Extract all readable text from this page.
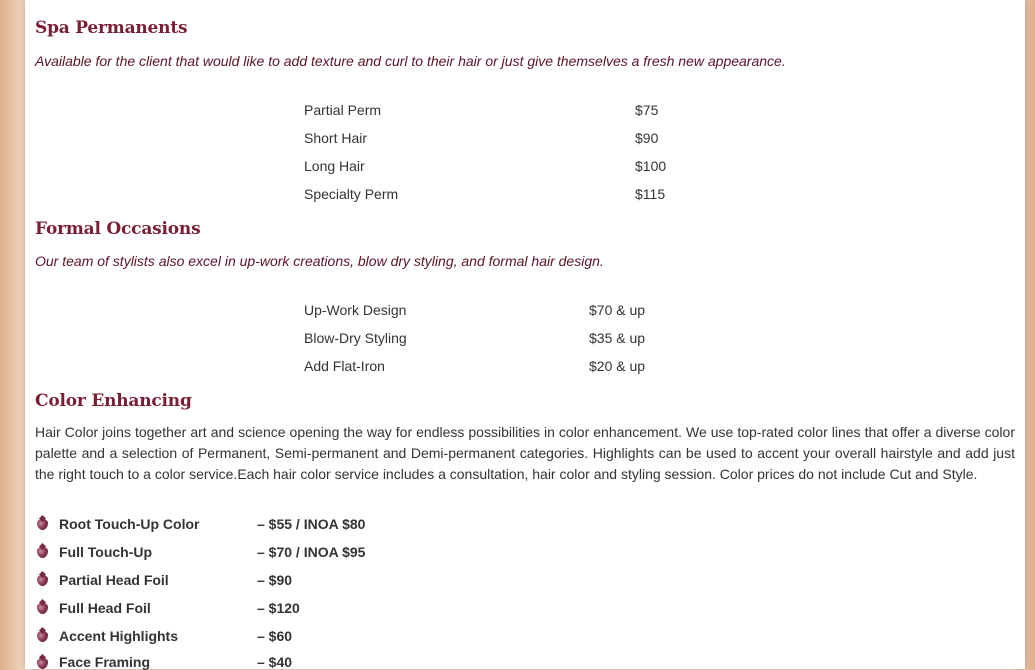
Spa Permanents

Available for the client that would like to add texture and curl to their hair or just give themselves a fresh new appearance.

Partial Perm	$75
Short Hair	$90
Long Hair	$100
Specialty Perm	$115
Formal Occasions

Our team of stylists also excel in up-work creations, blow dry styling, and formal hair design.

Up-Work Design	$70 & up
Blow-Dry Styling	$35 & up
Add Flat-Iron	$20 & up
Color Enhancing

Hair Color joins together art and science opening the way for endless possibilities in color enhancement. We use top-rated color lines that offer a diverse color palette and a selection of Permanent, Semi-permanent and Demi-permanent categories. Highlights can be used to accent your overall hairstyle and add just the right touch to a color service.Each hair color service includes a consultation, hair color and styling session. Color prices do not include Cut and Style.

Root Touch-Up Color	– $55 / INOA $80
Full Touch-Up	– $70 / INOA $95
Partial Head Foil	– $90
Full Head Foil	– $120
Accent Highlights	– $60
Face Framing	– $40
